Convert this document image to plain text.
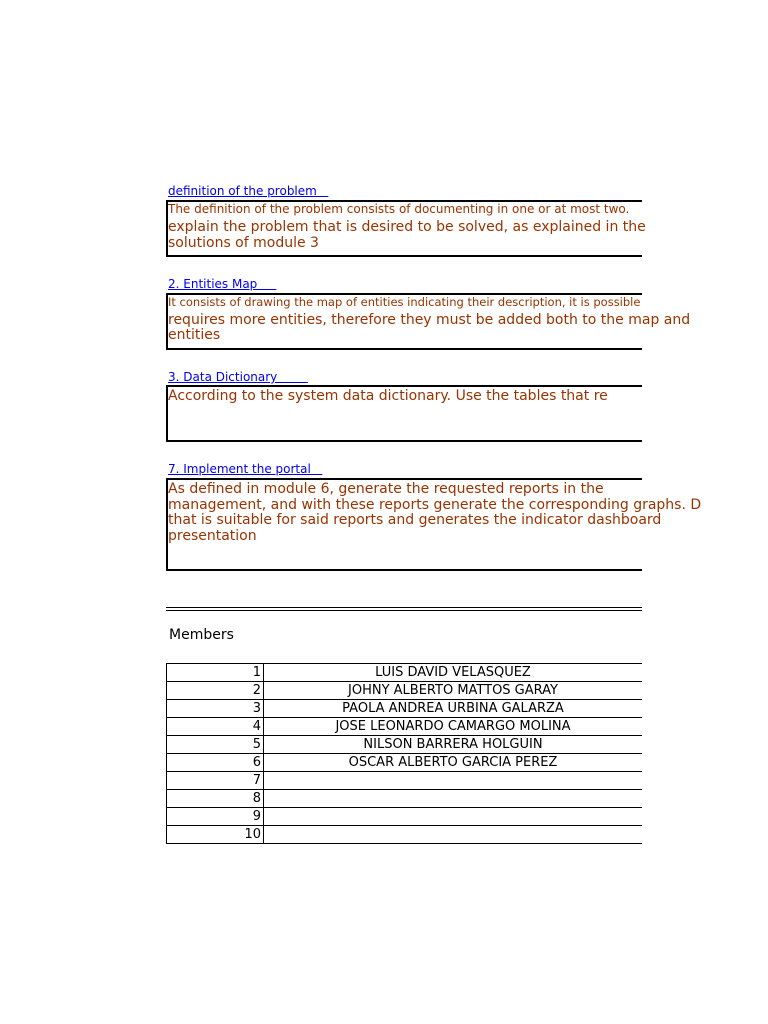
definition of the problem
The definition of the problem consists of documenting in one or at most two.
explain the problem that is desired to be solved, as explained in the
solutions of module 3
2. Entities Map
It consists of drawing the map of entities indicating their description, it is possible
requires more entities, therefore they must be added both to the map and
entities
3. Data Dictionary
According to the system data dictionary. Use the tables that re
7. Implement the portal
As defined in module 6, generate the requested reports in the
management, and with these reports generate the corresponding graphs. D
that is suitable for said reports and generates the indicator dashboard
presentation
Members
1	LUIS DAVID VELASQUEZ
2	JOHNY ALBERTO MATTOS GARAY
3	PAOLA ANDREA URBINA GALARZA
4	JOSE LEONARDO CAMARGO MOLINA
5	NILSON BARRERA HOLGUIN
6	OSCAR ALBERTO GARCIA PEREZ
7	
8	
9	
10	
